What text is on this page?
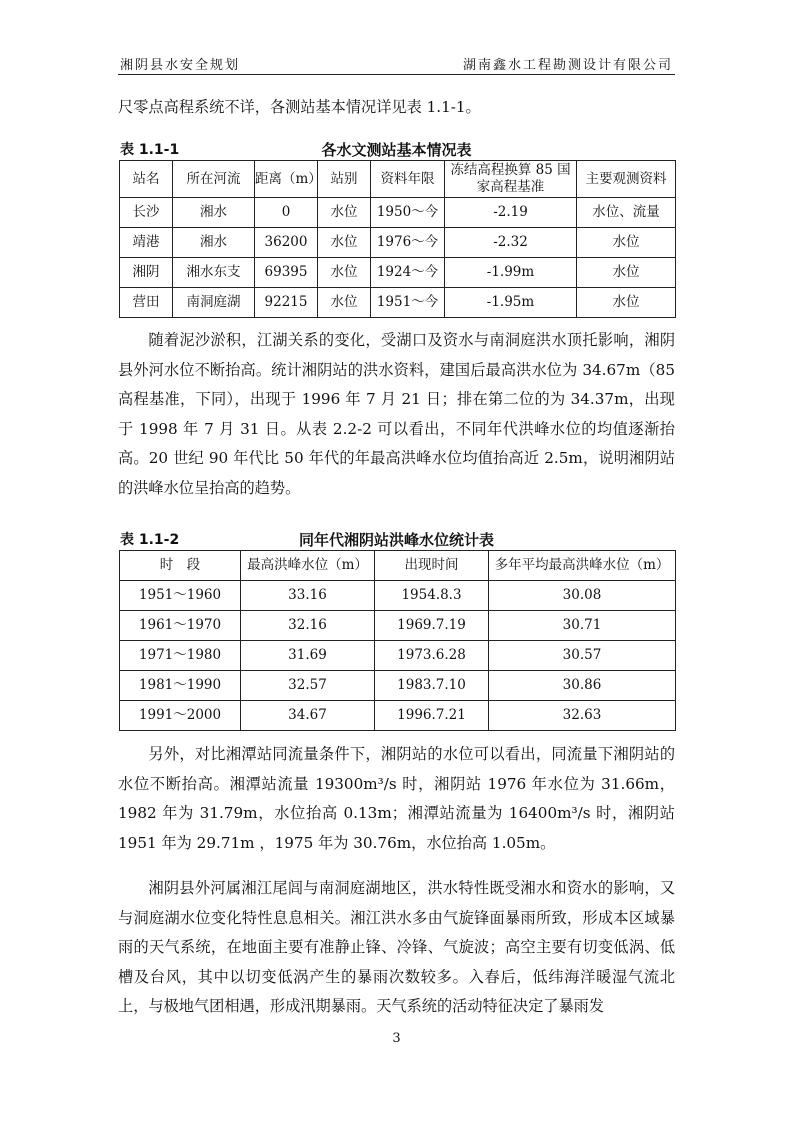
湘阴县水安全规划	湖南鑫水工程勘测设计有限公司

尺零点高程系统不详，各测站基本情况详见表 1.1-1。

表 1.1-1	各水文测站基本情况表
站名	所在河流	距离（m）	站别	资料年限	冻结高程换算 85 国家高程基准	主要观测资料
长沙	湘水	0	水位	1950～今	-2.19	水位、流量
靖港	湘水	36200	水位	1976～今	-2.32	水位
湘阴	湘水东支	69395	水位	1924～今	-1.99m	水位
营田	南洞庭湖	92215	水位	1951～今	-1.95m	水位

随着泥沙淤积，江湖关系的变化，受湖口及资水与南洞庭洪水顶托影响，湘阴县外河水位不断抬高。统计湘阴站的洪水资料，建国后最高洪水位为 34.67m（85 高程基准，下同），出现于 1996 年 7 月 21 日；排在第二位的为 34.37m，出现于 1998 年 7 月 31 日。从表 2.2-2 可以看出，不同年代洪峰水位的均值逐渐抬高。20 世纪 90 年代比 50 年代的年最高洪峰水位均值抬高近 2.5m，说明湘阴站的洪峰水位呈抬高的趋势。

表 1.1-2	同年代湘阴站洪峰水位统计表
时　段	最高洪峰水位（m）	出现时间	多年平均最高洪峰水位（m）
1951～1960	33.16	1954.8.3	30.08
1961～1970	32.16	1969.7.19	30.71
1971～1980	31.69	1973.6.28	30.57
1981～1990	32.57	1983.7.10	30.86
1991～2000	34.67	1996.7.21	32.63

另外，对比湘潭站同流量条件下，湘阴站的水位可以看出，同流量下湘阴站的水位不断抬高。湘潭站流量 19300m³/s 时，湘阴站 1976 年水位为 31.66m，1982 年为 31.79m，水位抬高 0.13m；湘潭站流量为 16400m³/s 时，湘阴站 1951 年为 29.71m ，1975 年为 30.76m，水位抬高 1.05m。

湘阴县外河属湘江尾闾与南洞庭湖地区，洪水特性既受湘水和资水的影响，又与洞庭湖水位变化特性息息相关。湘江洪水多由气旋锋面暴雨所致，形成本区域暴雨的天气系统，在地面主要有准静止锋、冷锋、气旋波；高空主要有切变低涡、低槽及台风，其中以切变低涡产生的暴雨次数较多。入春后，低纬海洋暖湿气流北上，与极地气团相遇，形成汛期暴雨。天气系统的活动特征决定了暴雨发

3
